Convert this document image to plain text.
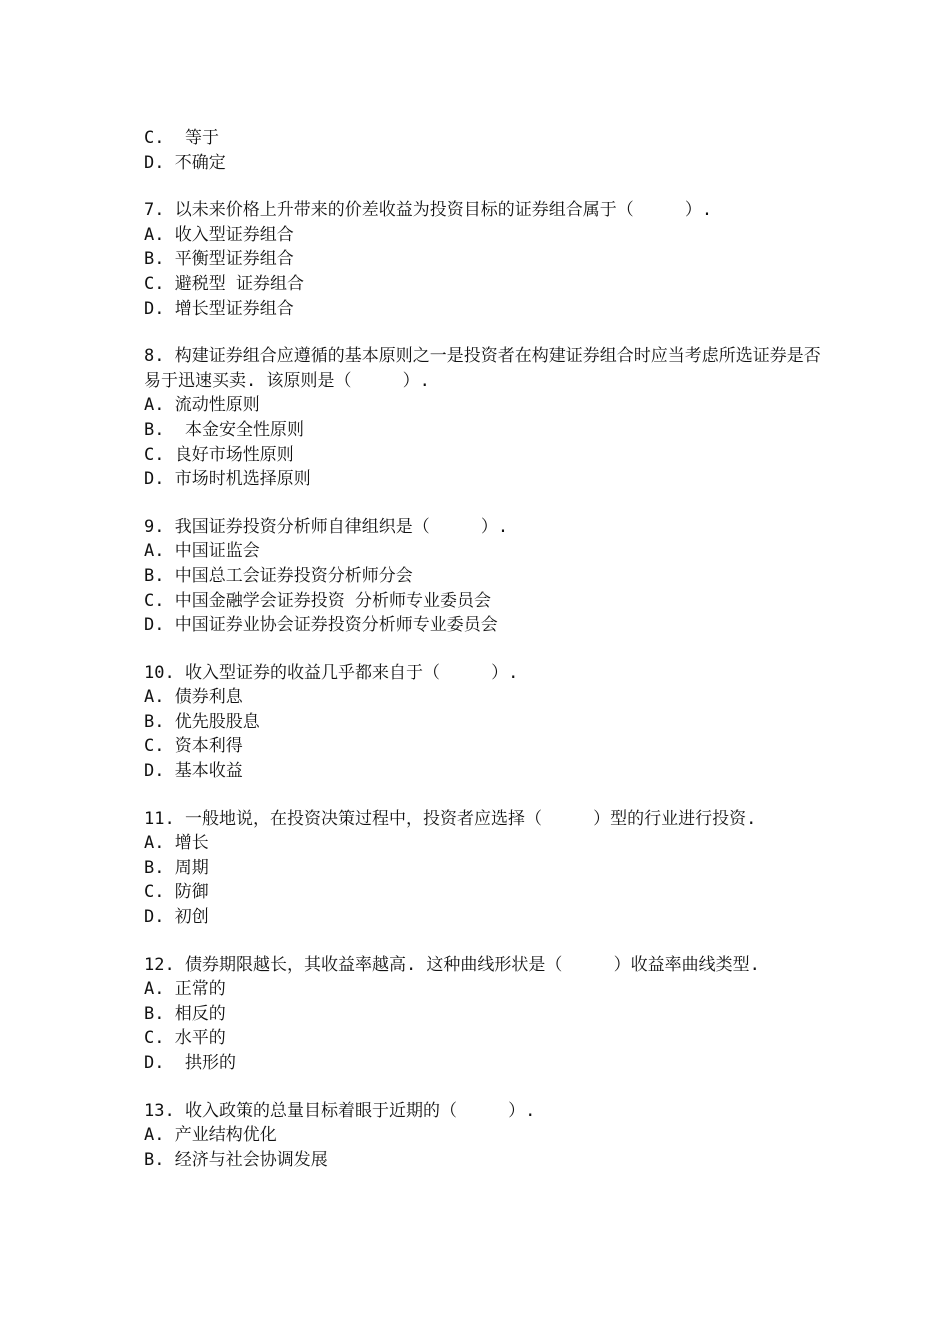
C.  等于
D. 不确定
7. 以未来价格上升带来的价差收益为投资目标的证券组合属于（     ）.
A. 收入型证券组合
B. 平衡型证券组合
C. 避税型 证券组合
D. 增长型证券组合
8. 构建证券组合应遵循的基本原则之一是投资者在构建证券组合时应当考虑所选证券是否易于迅速买卖. 该原则是（     ）.
A. 流动性原则
B.  本金安全性原则
C. 良好市场性原则
D. 市场时机选择原则
9. 我国证券投资分析师自律组织是（     ）.
A. 中国证监会
B. 中国总工会证券投资分析师分会
C. 中国金融学会证券投资 分析师专业委员会
D. 中国证券业协会证券投资分析师专业委员会
10. 收入型证券的收益几乎都来自于（     ）.
A. 债券利息
B. 优先股股息
C. 资本利得
D. 基本收益
11. 一般地说，在投资决策过程中，投资者应选择（     ）型的行业进行投资.
A. 增长
B. 周期
C. 防御
D. 初创
12. 债券期限越长，其收益率越高. 这种曲线形状是（     ）收益率曲线类型.
A. 正常的
B. 相反的
C. 水平的
D.  拱形的
13. 收入政策的总量目标着眼于近期的（     ）.
A. 产业结构优化
B. 经济与社会协调发展
